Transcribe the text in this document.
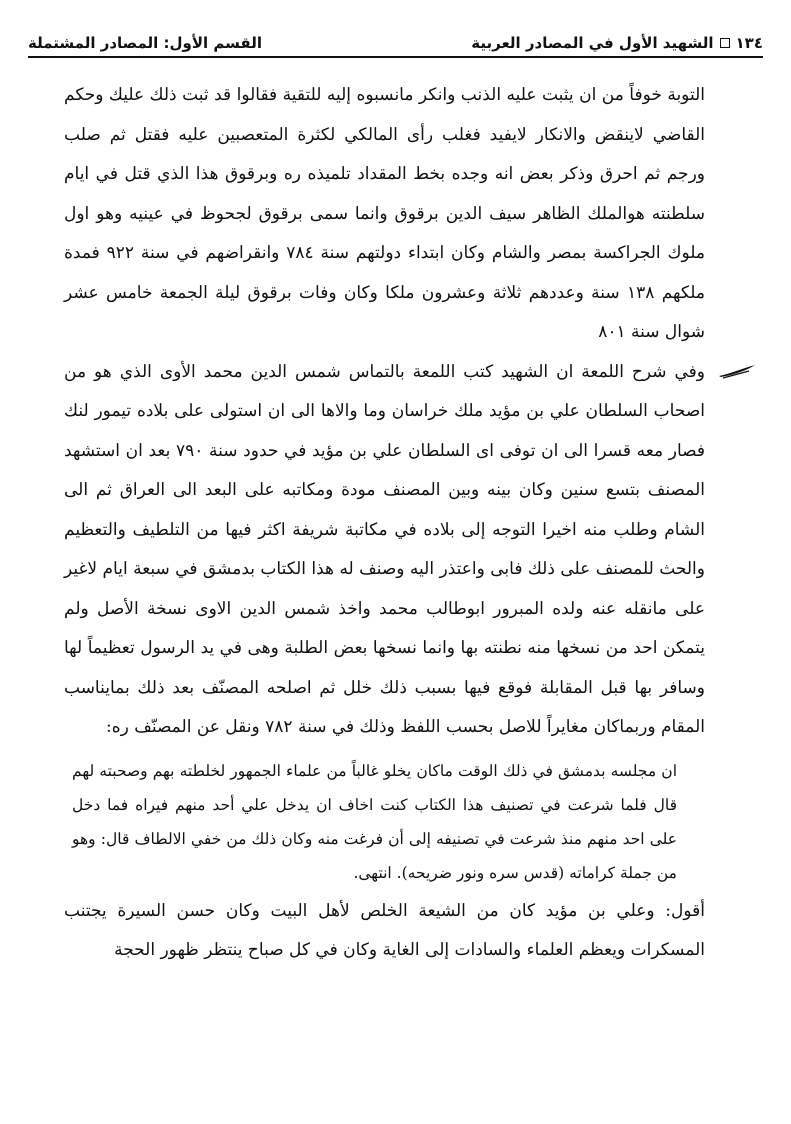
١٣٤
الشهيد الأول في المصادر العربية
القسم الأول: المصادر المشتملة

التوبة خوفاً من ان يثبت عليه الذنب وانكر مانسبوه إليه للتقية فقالوا قد ثبت ذلك عليك وحكم القاضي لاينقض والانكار لايفيد فغلب رأى المالكي لكثرة المتعصبين عليه فقتل ثم صلب ورجم ثم احرق وذكر بعض انه وجده بخط المقداد تلميذه ره وبرقوق هذا الذي قتل في ايام سلطنته هوالملك الظاهر سيف الدين برقوق وانما سمى برقوق لجحوظ في عينيه وهو اول ملوك الجراكسة بمصر والشام وكان ابتداء دولتهم سنة ٧٨٤ وانقراضهم في سنة ٩٢٢ فمدة ملكهم ١٣٨ سنة وعددهم ثلاثة وعشرون ملكا وكان وفات برقوق ليلة الجمعة خامس عشر شوال سنة ٨٠١

وفي شرح اللمعة ان الشهيد كتب اللمعة بالتماس شمس الدين محمد الأوى الذي هو من اصحاب السلطان علي بن مؤيد ملك خراسان وما والاها الى ان استولى على بلاده تيمور لنك فصار معه قسرا الى ان توفى اى السلطان علي بن مؤيد في حدود سنة ٧٩٠ بعد ان استشهد المصنف بتسع سنين وكان بينه وبين المصنف مودة ومكاتبه على البعد الى العراق ثم الى الشام وطلب منه اخيرا التوجه إلى بلاده في مكاتبة شريفة اكثر فيها من التلطيف والتعظيم والحث للمصنف على ذلك فابى واعتذر اليه وصنف له هذا الكتاب بدمشق في سبعة ايام لاغير على مانقله عنه ولده المبرور ابوطالب محمد واخذ شمس الدين الاوى نسخة الأصل ولم يتمكن احد من نسخها منه نطنته بها وانما نسخها بعض الطلبة وهى في يد الرسول تعظيماً لها وسافر بها قبل المقابلة فوقع فيها بسبب ذلك خلل ثم اصلحه المصنّف بعد ذلك بمايناسب المقام وربماكان مغايراً للاصل بحسب اللفظ وذلك في سنة ٧٨٢ ونقل عن المصنّف ره:

ان مجلسه بدمشق في ذلك الوقت ماكان يخلو غالباً من علماء الجمهور لخلطته بهم وصحبته لهم قال فلما شرعت في تصنيف هذا الكتاب كنت اخاف ان يدخل علي أحد منهم فيراه فما دخل على احد منهم منذ شرعت في تصنيفه إلى أن فرغت منه وكان ذلك من خفي الالطاف قال: وهو من جملة كراماته (قدس سره ونور ضريحه). انتهى.

أقول: وعلي بن مؤيد كان من الشيعة الخلص لأهل البيت وكان حسن السيرة يجتنب المسكرات ويعظم العلماء والسادات إلى الغاية وكان في كل صباح ينتظر ظهور الحجة
